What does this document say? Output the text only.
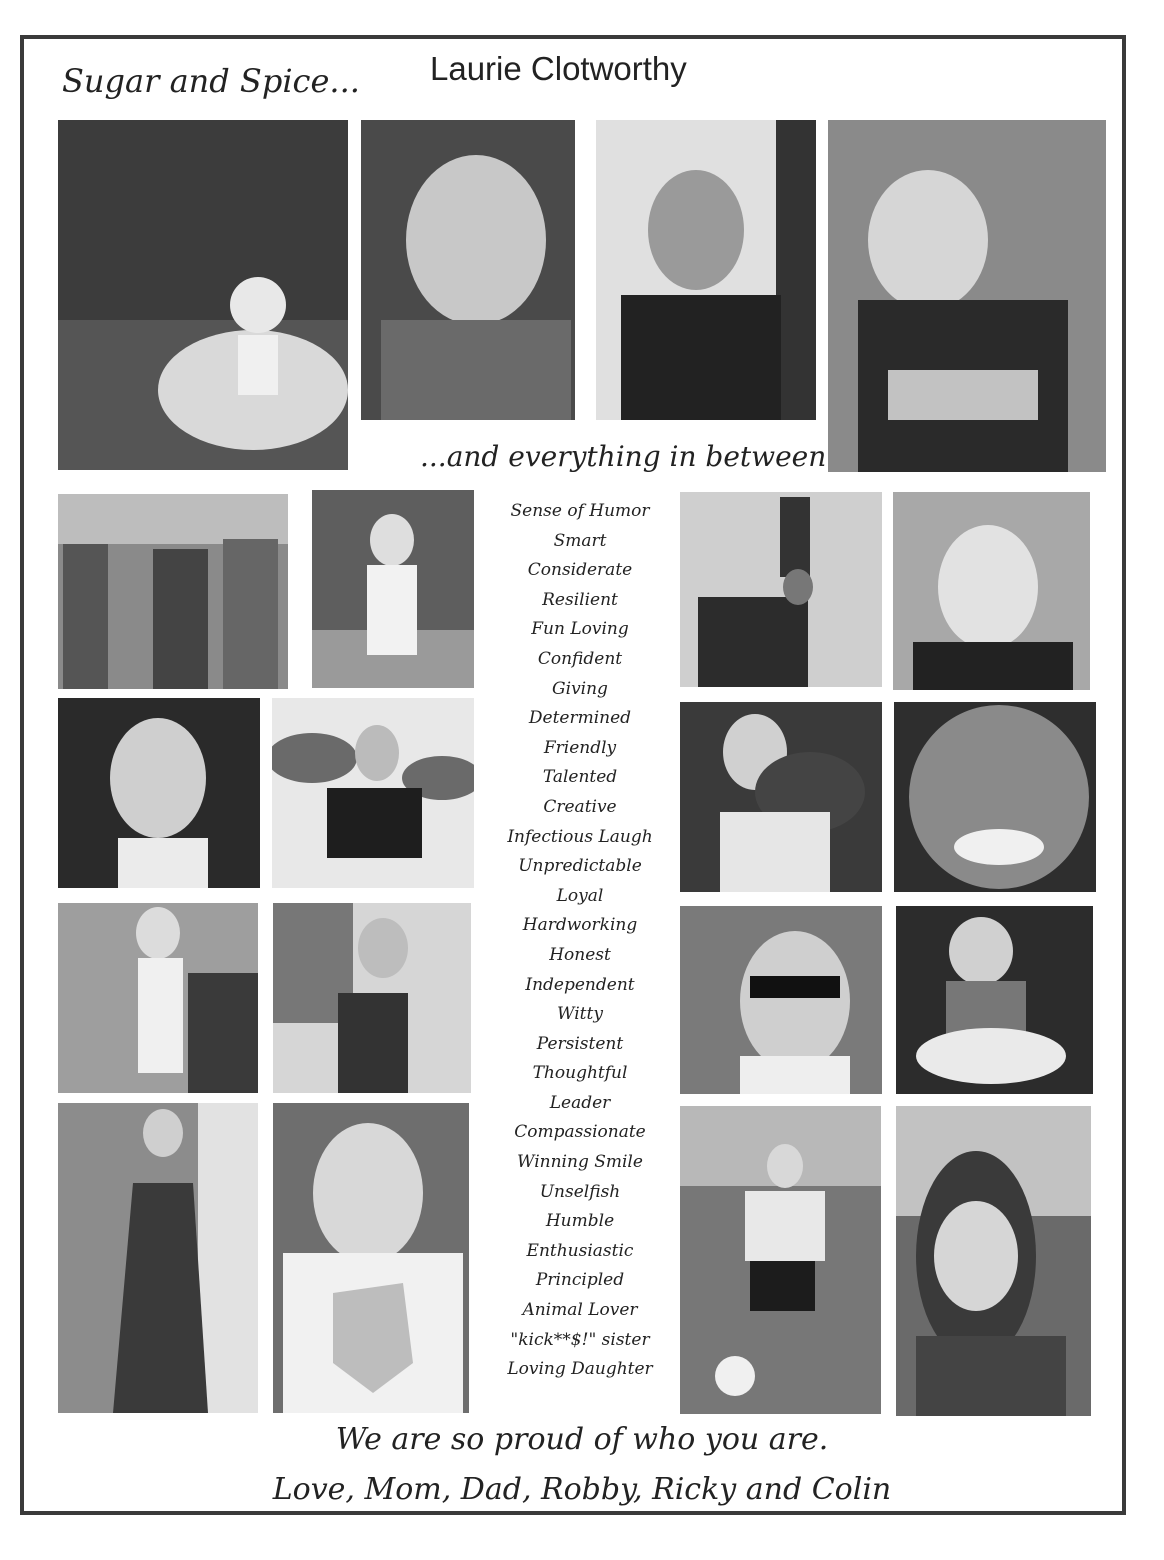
Sugar and Spice... Laurie Clotworthy
...and everything in between
Sense of Humor
Smart
Considerate
Resilient
Fun Loving
Confident
Giving
Determined
Friendly
Talented
Creative
Infectious Laugh
Unpredictable
Loyal
Hardworking
Honest
Independent
Witty
Persistent
Thoughtful
Leader
Compassionate
Winning Smile
Unselfish
Humble
Enthusiastic
Principled
Animal Lover
"kick**$!" sister
Loving Daughter
We are so proud of who you are.
Love, Mom, Dad, Robby, Ricky and Colin
